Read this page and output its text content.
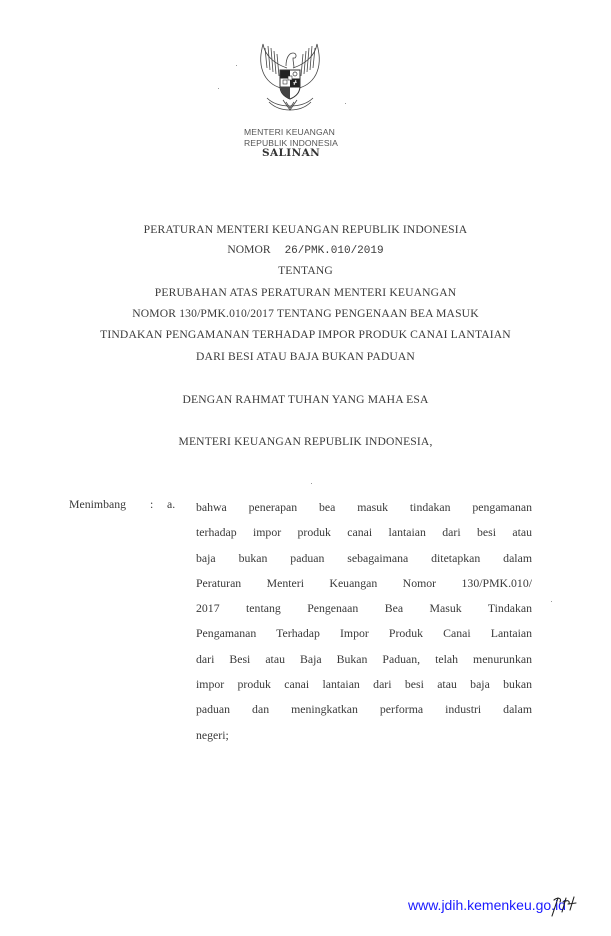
MENTERI KEUANGAN
REPUBLIK INDONESIA
SALINAN
PERATURAN MENTERI KEUANGAN REPUBLIK INDONESIA
NOMOR 26/PMK.010/2019
TENTANG
PERUBAHAN ATAS PERATURAN MENTERI KEUANGAN
NOMOR 130/PMK.010/2017 TENTANG PENGENAAN BEA MASUK
TINDAKAN PENGAMANAN TERHADAP IMPOR PRODUK CANAI LANTAIAN
DARI BESI ATAU BAJA BUKAN PADUAN
DENGAN RAHMAT TUHAN YANG MAHA ESA
MENTERI KEUANGAN REPUBLIK INDONESIA,
Menimbang : a. bahwa penerapan bea masuk tindakan pengamanan
terhadap impor produk canai lantaian dari besi atau
baja bukan paduan sebagaimana ditetapkan dalam
Peraturan Menteri Keuangan Nomor 130/PMK.010/
2017 tentang Pengenaan Bea Masuk Tindakan
Pengamanan Terhadap Impor Produk Canai Lantaian
dari Besi atau Baja Bukan Paduan, telah menurunkan
impor produk canai lantaian dari besi atau baja bukan
paduan dan meningkatkan performa industri dalam
negeri;
www.jdih.kemenkeu.go.id
